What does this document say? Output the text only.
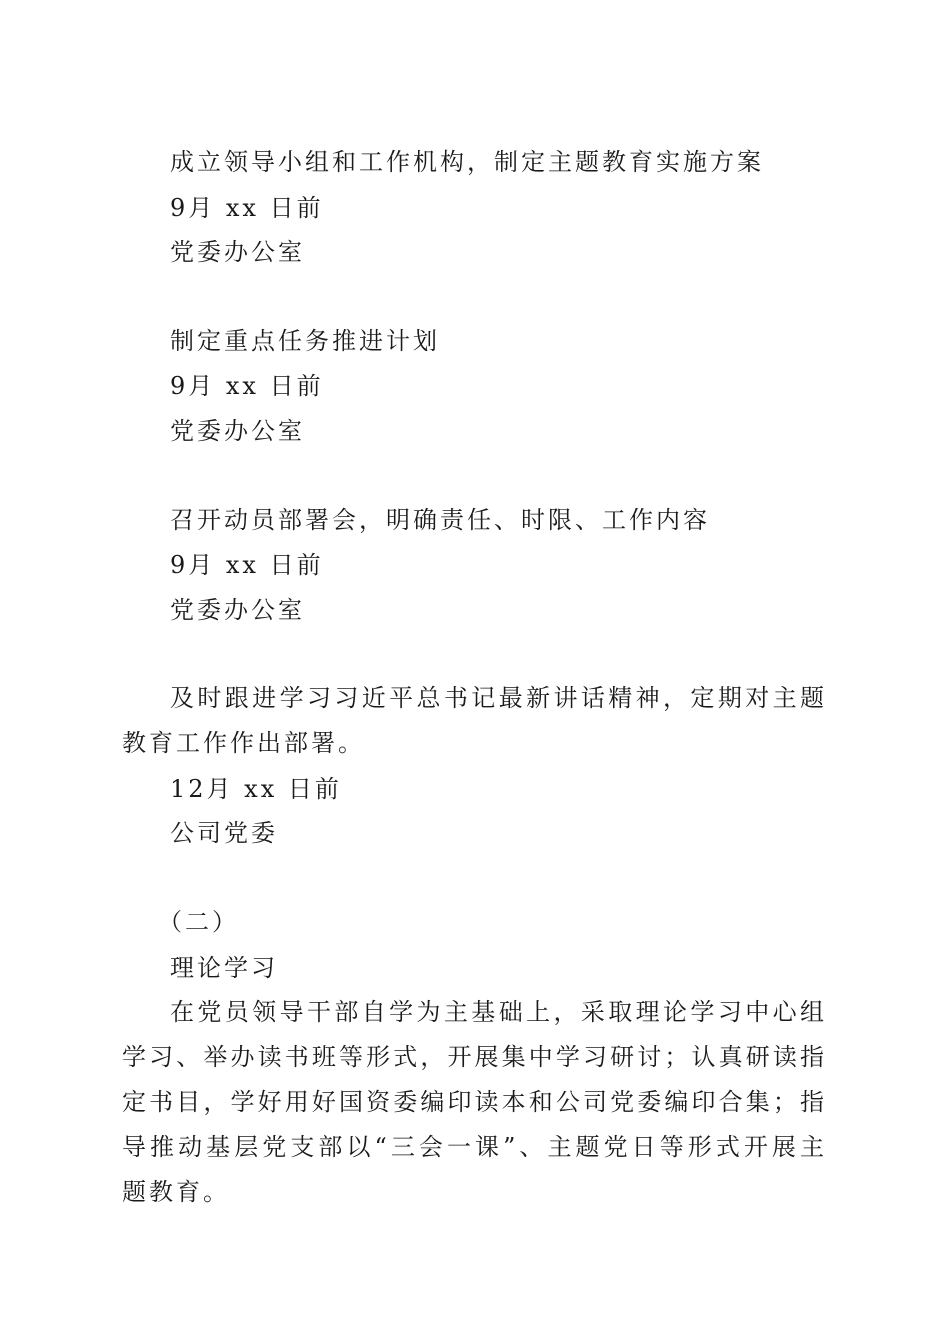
成立领导小组和工作机构，制定主题教育实施方案
9月 xx 日前
党委办公室
制定重点任务推进计划
9月 xx 日前
党委办公室
召开动员部署会，明确责任、时限、工作内容
9月 xx 日前
党委办公室
及时跟进学习习近平总书记最新讲话精神，定期对主题教育工作作出部署。
12月 xx 日前
公司党委
（二）
理论学习
在党员领导干部自学为主基础上，采取理论学习中心组学习、举办读书班等形式，开展集中学习研讨；认真研读指定书目，学好用好国资委编印读本和公司党委编印合集；指导推动基层党支部以“三会一课”、主题党日等形式开展主题教育。
